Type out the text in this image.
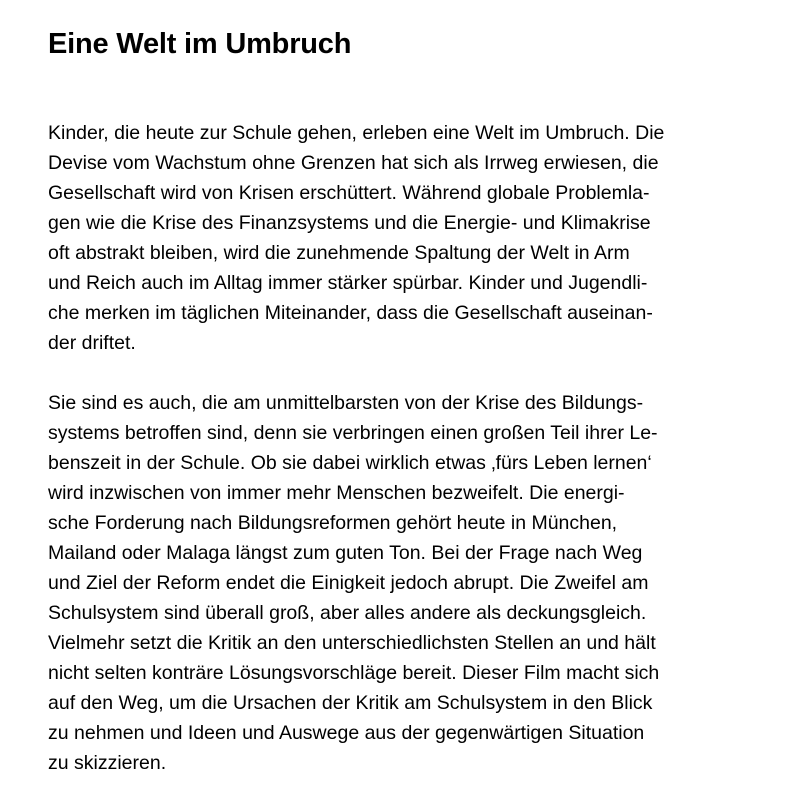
Eine Welt im Umbruch

Kinder, die heute zur Schule gehen, erleben eine Welt im Umbruch. Die
Devise vom Wachstum ohne Grenzen hat sich als Irrweg erwiesen, die
Gesellschaft wird von Krisen erschüttert. Während globale Problemla-
gen wie die Krise des Finanzsystems und die Energie- und Klimakrise
oft abstrakt bleiben, wird die zunehmende Spaltung der Welt in Arm
und Reich auch im Alltag immer stärker spürbar. Kinder und Jugendli-
che merken im täglichen Miteinander, dass die Gesellschaft auseinan-
der driftet.

Sie sind es auch, die am unmittelbarsten von der Krise des Bildungs-
systems betroffen sind, denn sie verbringen einen großen Teil ihrer Le-
benszeit in der Schule. Ob sie dabei wirklich etwas ‚fürs Leben lernen‘
wird inzwischen von immer mehr Menschen bezweifelt. Die energi-
sche Forderung nach Bildungsreformen gehört heute in München,
Mailand oder Malaga längst zum guten Ton. Bei der Frage nach Weg
und Ziel der Reform endet die Einigkeit jedoch abrupt. Die Zweifel am
Schulsystem sind überall groß, aber alles andere als deckungsgleich.
Vielmehr setzt die Kritik an den unterschiedlichsten Stellen an und hält
nicht selten konträre Lösungsvorschläge bereit. Dieser Film macht sich
auf den Weg, um die Ursachen der Kritik am Schulsystem in den Blick
zu nehmen und Ideen und Auswege aus der gegenwärtigen Situation
zu skizzieren.
